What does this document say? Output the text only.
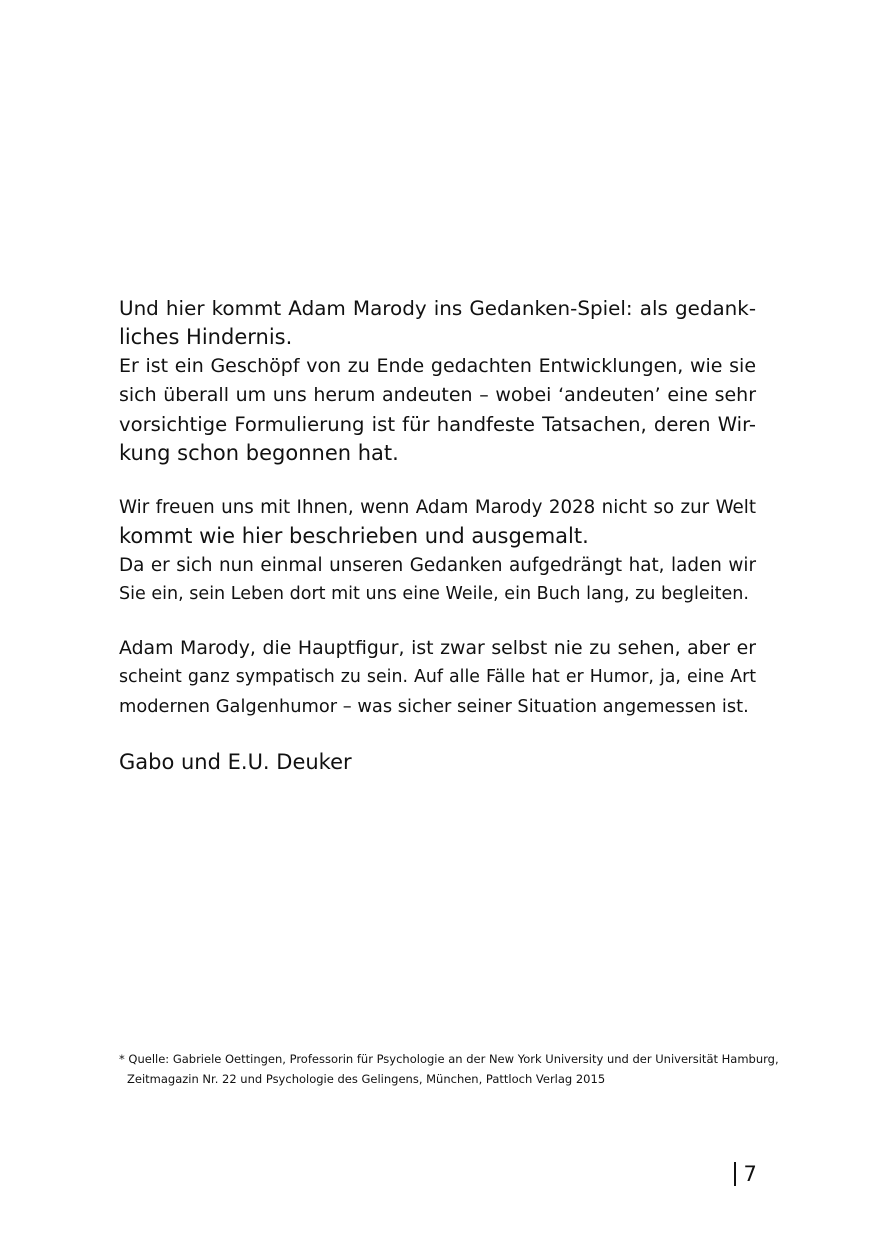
Und hier kommt Adam Marody ins Gedanken-Spiel: als gedank-
liches Hindernis.
Er ist ein Geschöpf von zu Ende gedachten Entwicklungen, wie sie
sich überall um uns herum andeuten – wobei ‘andeuten’ eine sehr
vorsichtige Formulierung ist für handfeste Tatsachen, deren Wir-
kung schon begonnen hat.
Wir freuen uns mit Ihnen, wenn Adam Marody 2028 nicht so zur Welt
kommt wie hier beschrieben und ausgemalt.
Da er sich nun einmal unseren Gedanken aufgedrängt hat, laden wir
Sie ein, sein Leben dort mit uns eine Weile, ein Buch lang, zu begleiten.
Adam Marody, die Hauptfigur, ist zwar selbst nie zu sehen, aber er
scheint ganz sympatisch zu sein. Auf alle Fälle hat er Humor, ja, eine Art
modernen Galgenhumor – was sicher seiner Situation angemessen ist.
Gabo und E.U. Deuker
* Quelle: Gabriele Oettingen, Professorin für Psychologie an der New York University und der Universität Hamburg,
Zeitmagazin Nr. 22 und Psychologie des Gelingens, München, Pattloch Verlag 2015
7
